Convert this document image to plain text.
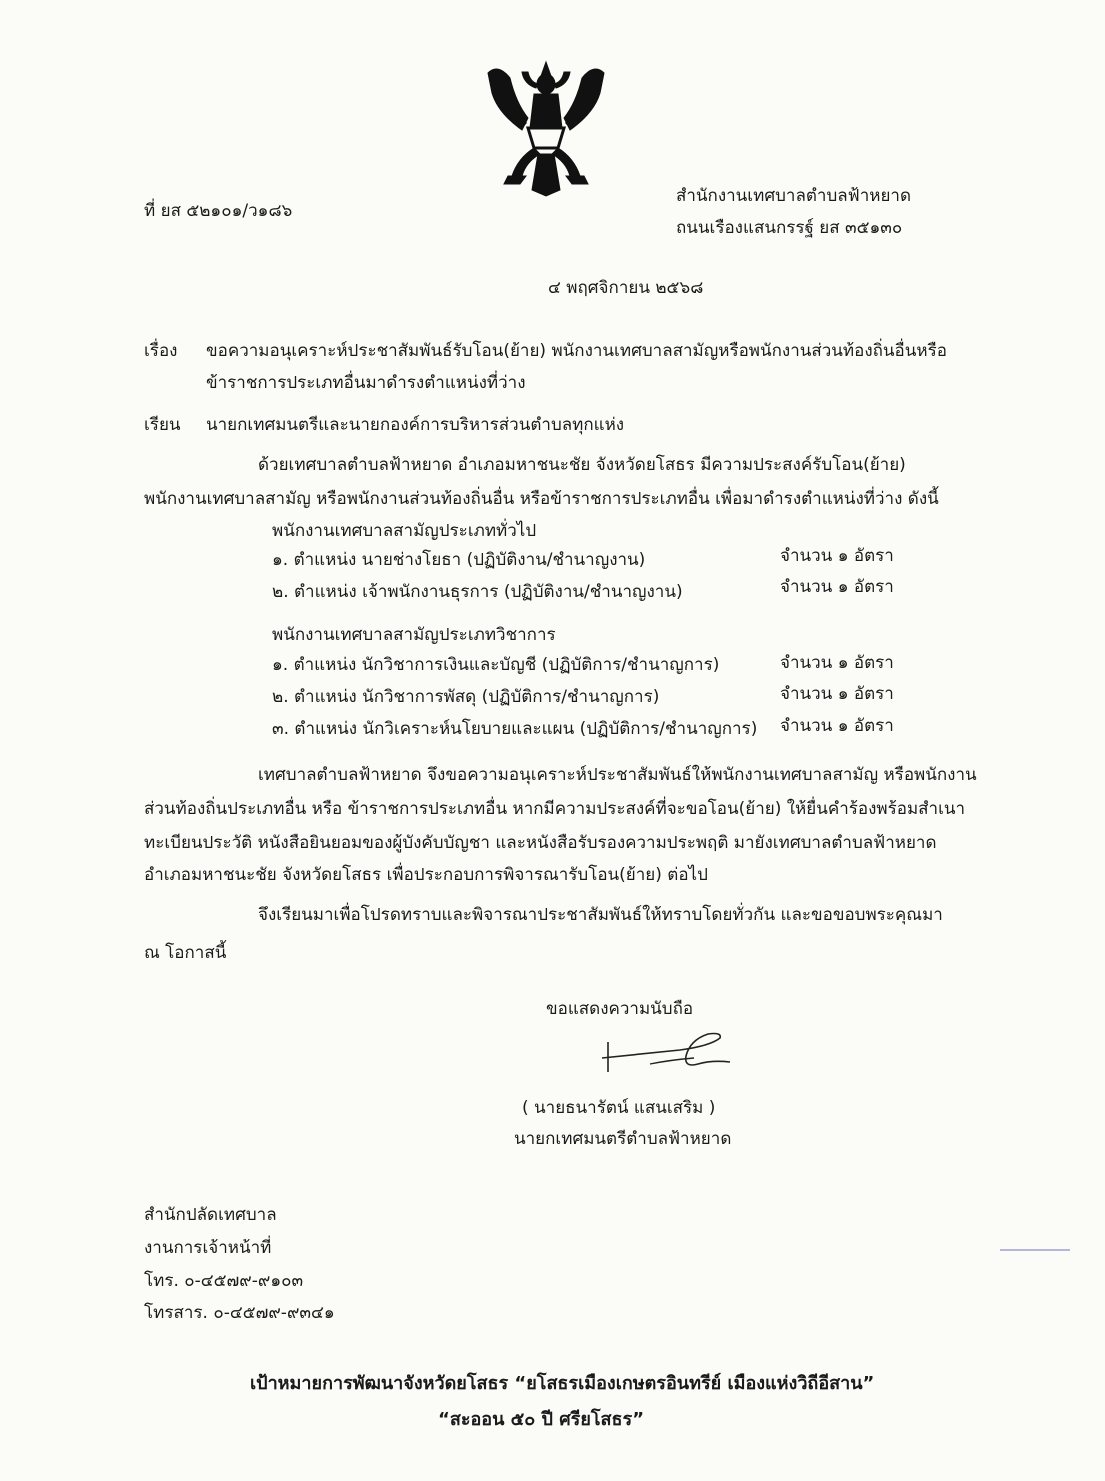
ที่ ยส ๕๒๑๐๑/ว๑๘๖
สำนักงานเทศบาลตำบลฟ้าหยาด
ถนนเรืองแสนกรรฐ์ ยส ๓๕๑๓๐
๔ พฤศจิกายน ๒๕๖๘
เรื่อง ขอความอนุเคราะห์ประชาสัมพันธ์รับโอน(ย้าย) พนักงานเทศบาลสามัญหรือพนักงานส่วนท้องถิ่นอื่นหรือ
ข้าราชการประเภทอื่นมาดำรงตำแหน่งที่ว่าง
เรียน นายกเทศมนตรีและนายกองค์การบริหารส่วนตำบลทุกแห่ง
ด้วยเทศบาลตำบลฟ้าหยาด อำเภอมหาชนะชัย จังหวัดยโสธร มีความประสงค์รับโอน(ย้าย)
พนักงานเทศบาลสามัญ หรือพนักงานส่วนท้องถิ่นอื่น หรือข้าราชการประเภทอื่น เพื่อมาดำรงตำแหน่งที่ว่าง ดังนี้
พนักงานเทศบาลสามัญประเภททั่วไป
๑. ตำแหน่ง นายช่างโยธา (ปฏิบัติงาน/ชำนาญงาน)	จำนวน ๑ อัตรา
๒. ตำแหน่ง เจ้าพนักงานธุรการ (ปฏิบัติงาน/ชำนาญงาน)	จำนวน ๑ อัตรา
พนักงานเทศบาลสามัญประเภทวิชาการ
๑. ตำแหน่ง นักวิชาการเงินและบัญชี (ปฏิบัติการ/ชำนาญการ)	จำนวน ๑ อัตรา
๒. ตำแหน่ง นักวิชาการพัสดุ (ปฏิบัติการ/ชำนาญการ)	จำนวน ๑ อัตรา
๓. ตำแหน่ง นักวิเคราะห์นโยบายและแผน (ปฏิบัติการ/ชำนาญการ) จำนวน ๑ อัตรา
เทศบาลตำบลฟ้าหยาด จึงขอความอนุเคราะห์ประชาสัมพันธ์ให้พนักงานเทศบาลสามัญ หรือพนักงาน
ส่วนท้องถิ่นประเภทอื่น หรือ ข้าราชการประเภทอื่น หากมีความประสงค์ที่จะขอโอน(ย้าย) ให้ยื่นคำร้องพร้อมสำเนา
ทะเบียนประวัติ หนังสือยินยอมของผู้บังคับบัญชา และหนังสือรับรองความประพฤติ มายังเทศบาลตำบลฟ้าหยาด
อำเภอมหาชนะชัย จังหวัดยโสธร เพื่อประกอบการพิจารณารับโอน(ย้าย) ต่อไป
จึงเรียนมาเพื่อโปรดทราบและพิจารณาประชาสัมพันธ์ให้ทราบโดยทั่วกัน และขอขอบพระคุณมา
ณ โอกาสนี้
ขอแสดงความนับถือ
( นายธนารัตน์ แสนเสริม )
นายกเทศมนตรีตำบลฟ้าหยาด
สำนักปลัดเทศบาล
งานการเจ้าหน้าที่
โทร. ๐-๔๕๗๙-๙๑๐๓
โทรสาร. ๐-๔๕๗๙-๙๓๔๑
เป้าหมายการพัฒนาจังหวัดยโสธร “ยโสธรเมืองเกษตรอินทรีย์ เมืองแห่งวิถีอีสาน”
“สะออน ๕๐ ปี ศรียโสธร”
